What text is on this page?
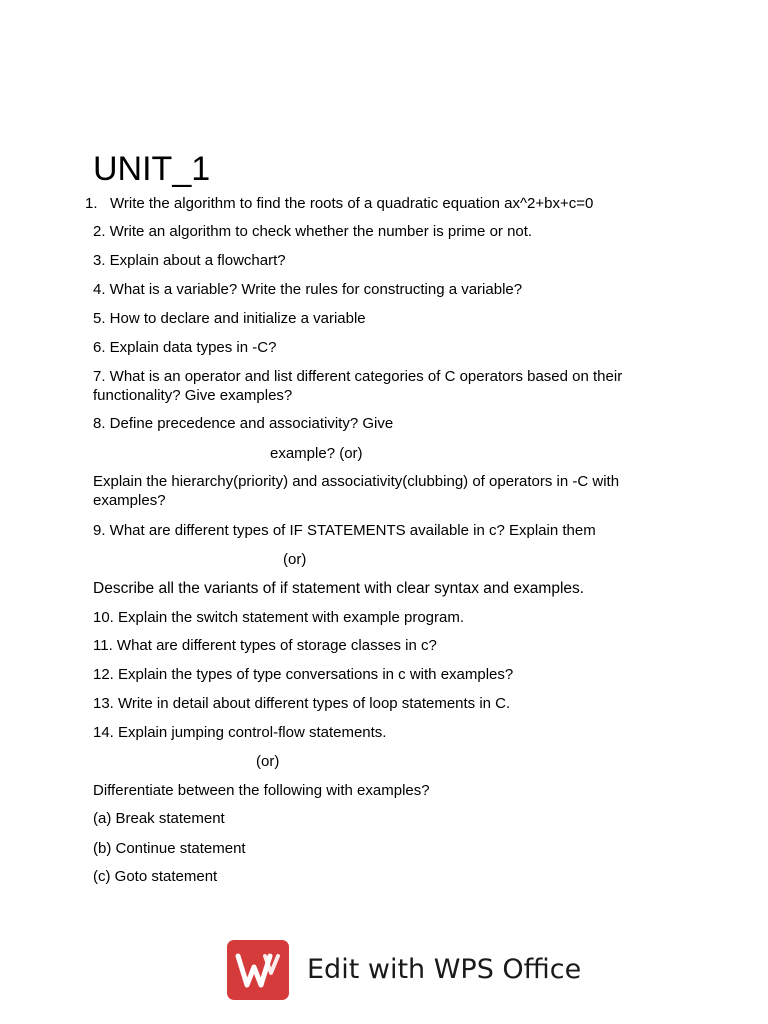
UNIT_1
1. Write the algorithm to find the roots of a quadratic equation ax^2+bx+c=0
2. Write an algorithm to check whether the number is prime or not.
3. Explain about a flowchart?
4. What is a variable? Write the rules for constructing a variable?
5. How to declare and initialize a variable
6. Explain data types in -C?
7. What is an operator and list different categories of C operators based on their functionality? Give examples?
8. Define precedence and associativity? Give
example? (or)
Explain the hierarchy(priority) and associativity(clubbing) of operators in -C with examples?
9. What are different types of IF STATEMENTS available in c? Explain them
(or)
Describe all the variants of if statement with clear syntax and examples.
10. Explain the switch statement with example program.
11. What are different types of storage classes in c?
12. Explain the types of type conversations in c with examples?
13. Write in detail about different types of loop statements in C.
14. Explain jumping control-flow statements.
(or)
Differentiate between the following with examples?
(a) Break statement
(b) Continue statement
(c) Goto statement
Edit with WPS Office
